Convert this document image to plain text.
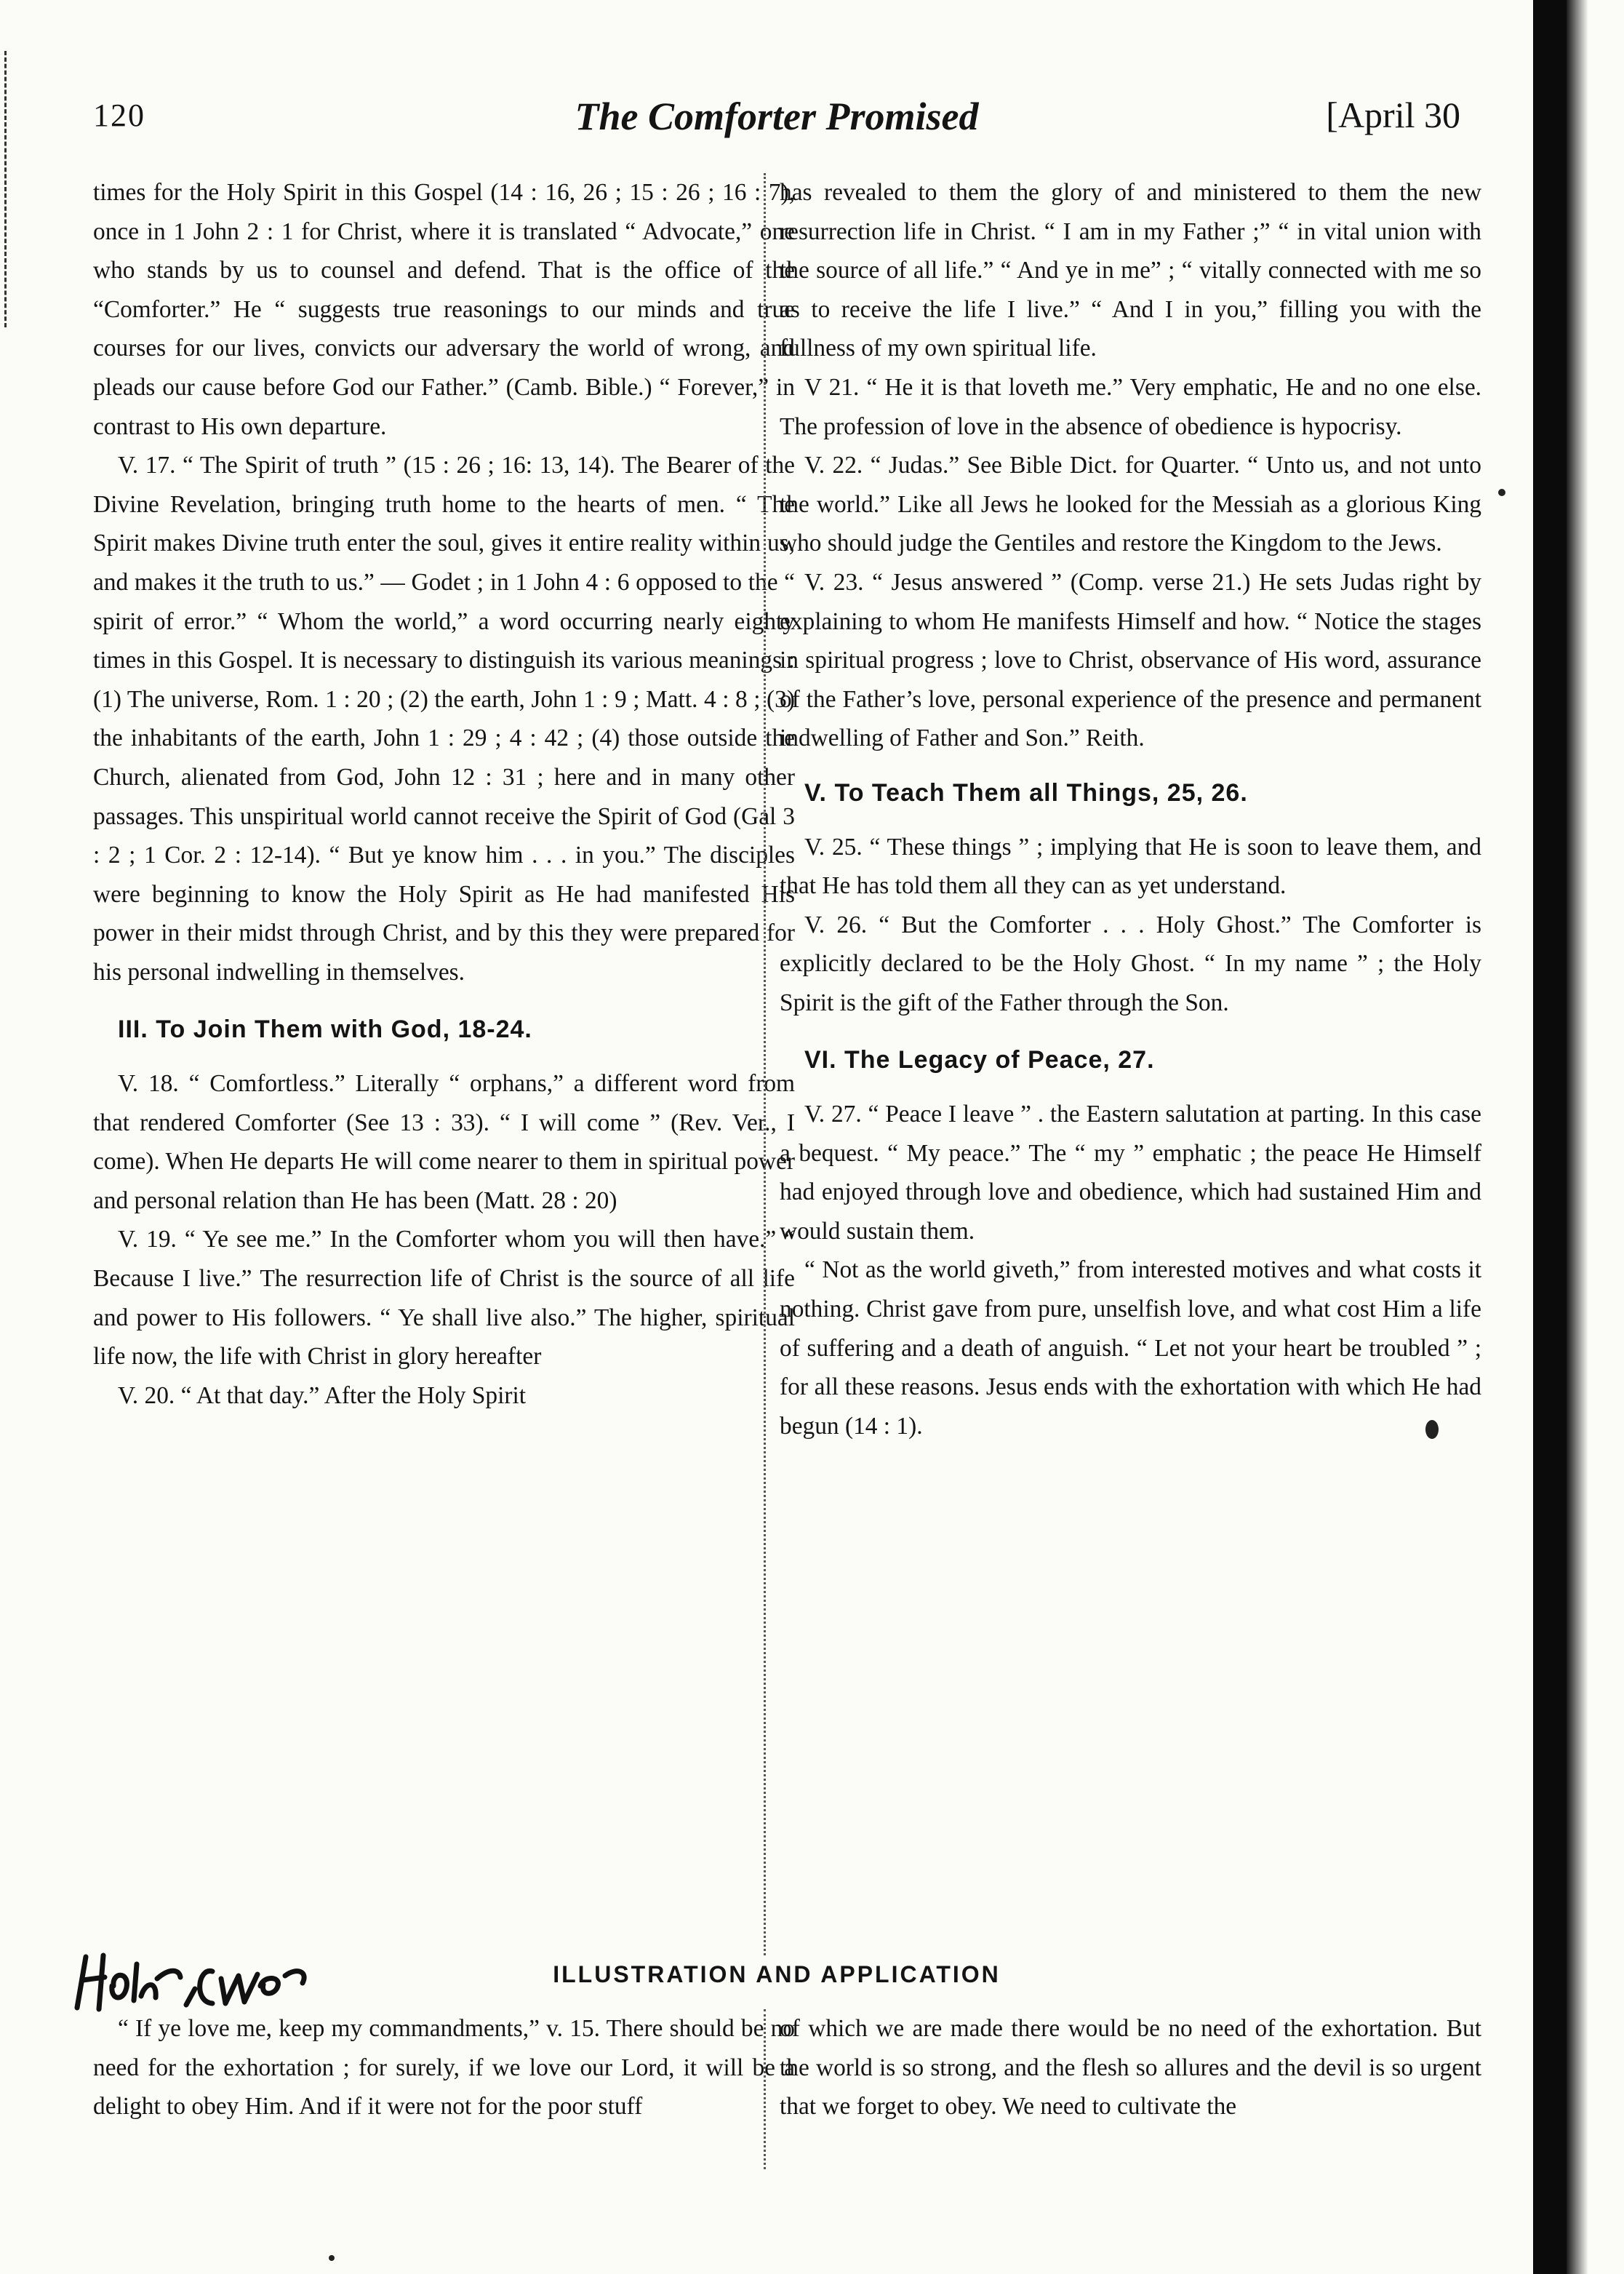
120	The Comforter Promised	[April 30

times for the Holy Spirit in this Gospel (14 : 16, 26 ; 15 : 26 ; 16 : 7), once in 1 John 2 : 1 for Christ, where it is translated “ Advocate,” one who stands by us to counsel and defend. That is the office of the “Comforter.” He “ suggests true reasonings to our minds and true courses for our lives, convicts our adversary the world of wrong, and pleads our cause before God our Father.” (Camb. Bible.) “ Forever,” in contrast to His own departure.

V. 17. “ The Spirit of truth ” (15 : 26 ; 16: 13, 14). The Bearer of the Divine Revelation, bringing truth home to the hearts of men. “ The Spirit makes Divine truth enter the soul, gives it entire reality within us, and makes it the truth to us.” — Godet ; in 1 John 4 : 6 opposed to the “ spirit of error.” “ Whom the world,” a word occurring nearly eighty times in this Gospel. It is necessary to distinguish its various meanings : (1) The universe, Rom. 1 : 20 ; (2) the earth, John 1 : 9 ; Matt. 4 : 8 ; (3) the inhabitants of the earth, John 1 : 29 ; 4 : 42 ; (4) those outside the Church, alienated from God, John 12 : 31 ; here and in many other passages. This unspiritual world cannot receive the Spirit of God (Gal 3 : 2 ; 1 Cor. 2 : 12-14). “ But ye know him . . . in you.” The disciples were beginning to know the Holy Spirit as He had manifested His power in their midst through Christ, and by this they were prepared for his personal indwelling in themselves.

III. To Join Them with God, 18-24.

V. 18. “ Comfortless.” Literally “ orphans,” a different word from that rendered Comforter (See 13 : 33). “ I will come ” (Rev. Ver., I come). When He departs He will come nearer to them in spiritual power and personal relation than He has been (Matt. 28 : 20)

V. 19. “ Ye see me.” In the Comforter whom you will then have.” “ Because I live.” The resurrection life of Christ is the source of all life and power to His followers. “ Ye shall live also.” The higher, spiritual life now, the life with Christ in glory hereafter

V. 20. “ At that day.” After the Holy Spirit

has revealed to them the glory of and ministered to them the new resurrection life in Christ. “ I am in my Father ;” “ in vital union with the source of all life.” “ And ye in me” ; “ vitally connected with me so as to receive the life I live.” “ And I in you,” filling you with the fullness of my own spiritual life.

V 21. “ He it is that loveth me.” Very emphatic, He and no one else. The profession of love in the absence of obedience is hypocrisy.

V. 22. “ Judas.” See Bible Dict. for Quarter. “ Unto us, and not unto the world.” Like all Jews he looked for the Messiah as a glorious King who should judge the Gentiles and restore the Kingdom to the Jews.

V. 23. “ Jesus answered ” (Comp. verse 21.) He sets Judas right by explaining to whom He manifests Himself and how. “ Notice the stages in spiritual progress ; love to Christ, observance of His word, assurance of the Father’s love, personal experience of the presence and permanent indwelling of Father and Son.” Reith.

V. To Teach Them all Things, 25, 26.

V. 25. “ These things ” ; implying that He is soon to leave them, and that He has told them all they can as yet understand.

V. 26. “ But the Comforter . . . Holy Ghost.” The Comforter is explicitly declared to be the Holy Ghost. “ In my name ” ; the Holy Spirit is the gift of the Father through the Son.

VI. The Legacy of Peace, 27.

V. 27. “ Peace I leave ” . the Eastern salutation at parting. In this case a bequest. “ My peace.” The “ my ” emphatic ; the peace He Himself had enjoyed through love and obedience, which had sustained Him and would sustain them.

“ Not as the world giveth,” from interested motives and what costs it nothing. Christ gave from pure, unselfish love, and what cost Him a life of suffering and a death of anguish. “ Let not your heart be troubled ” ; for all these reasons. Jesus ends with the exhortation with which He had begun (14 : 1).

ILLUSTRATION AND APPLICATION

“ If ye love me, keep my commandments,” v. 15. There should be no need for the exhortation ; for surely, if we love our Lord, it will be a delight to obey Him. And if it were not for the poor stuff

of which we are made there would be no need of the exhortation. But the world is so strong, and the flesh so allures and the devil is so urgent that we forget to obey. We need to cultivate the
